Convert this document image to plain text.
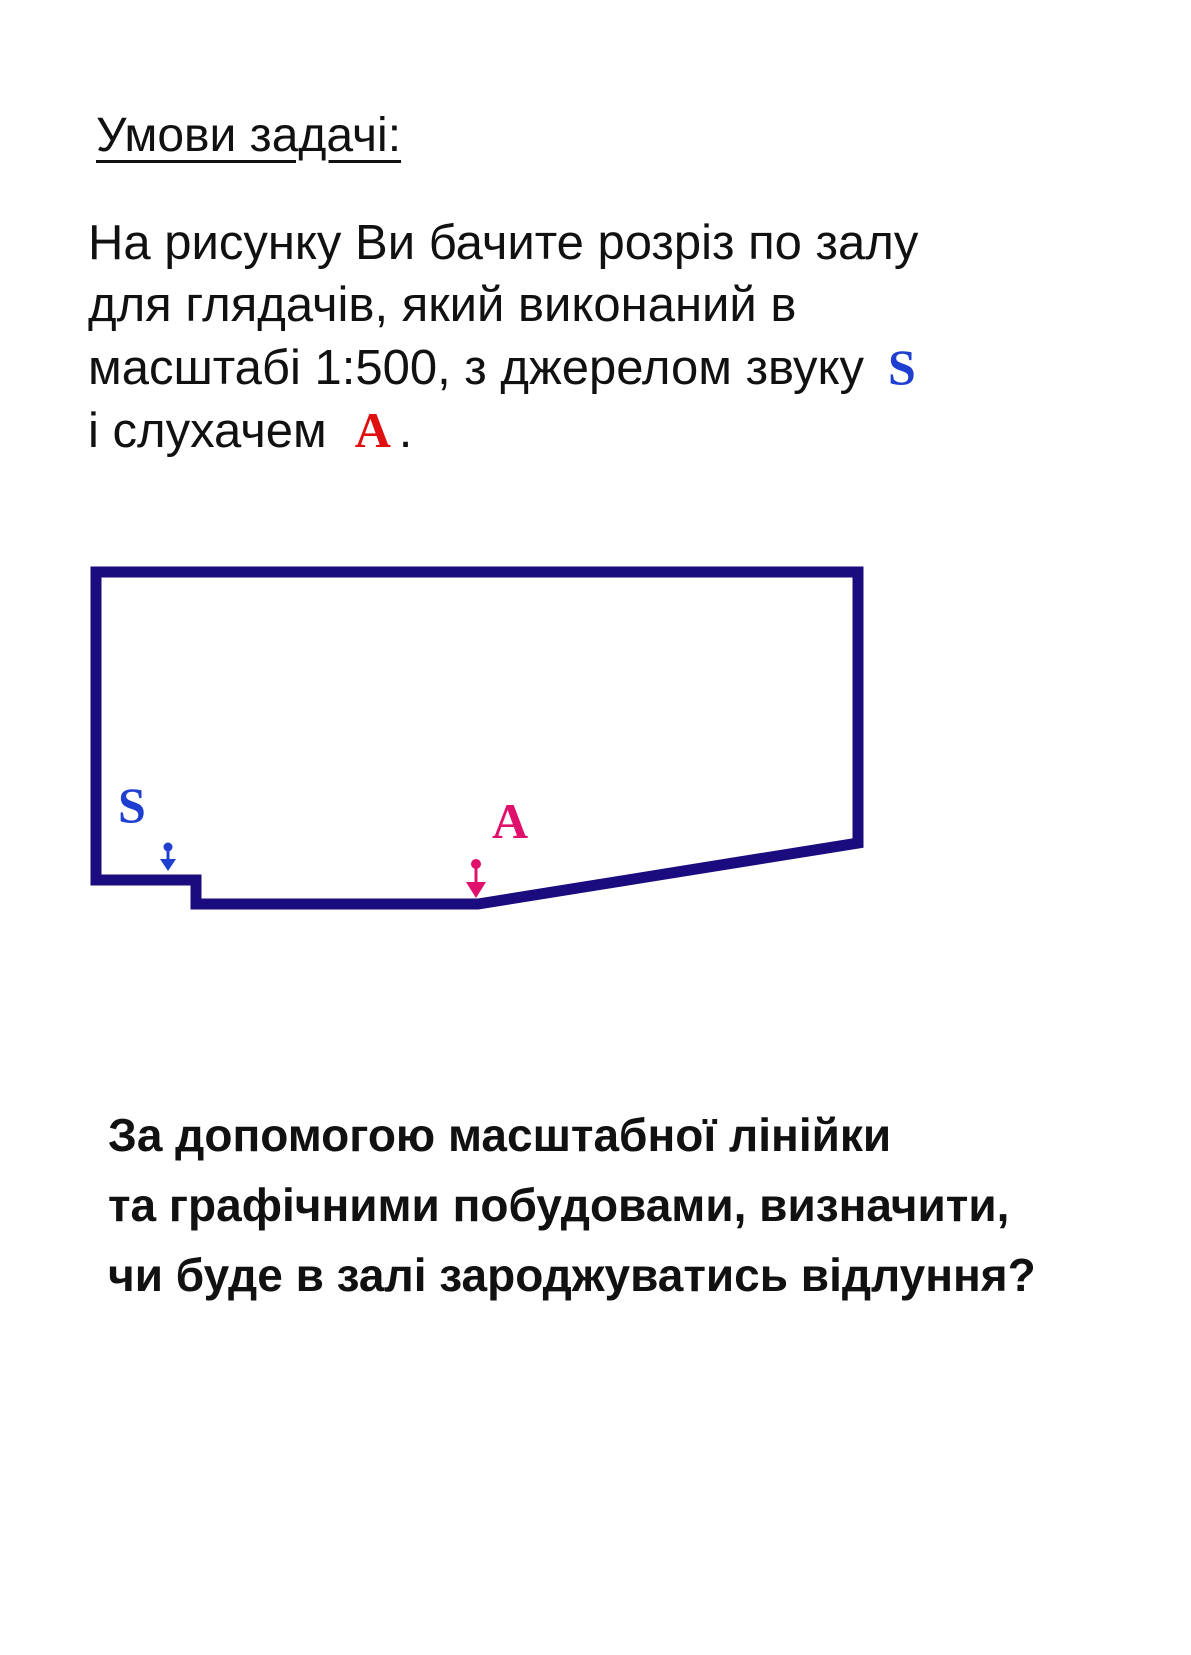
Умови задачі:

На рисунку Ви бачите розріз по залу
для глядачів, який виконаний в
масштабі 1:500, з джерелом звуку S
і слухачем A .

S	A

За допомогою масштабної лінійки
та графічними побудовами, визначити,
чи буде в залі зароджуватись відлуння?
